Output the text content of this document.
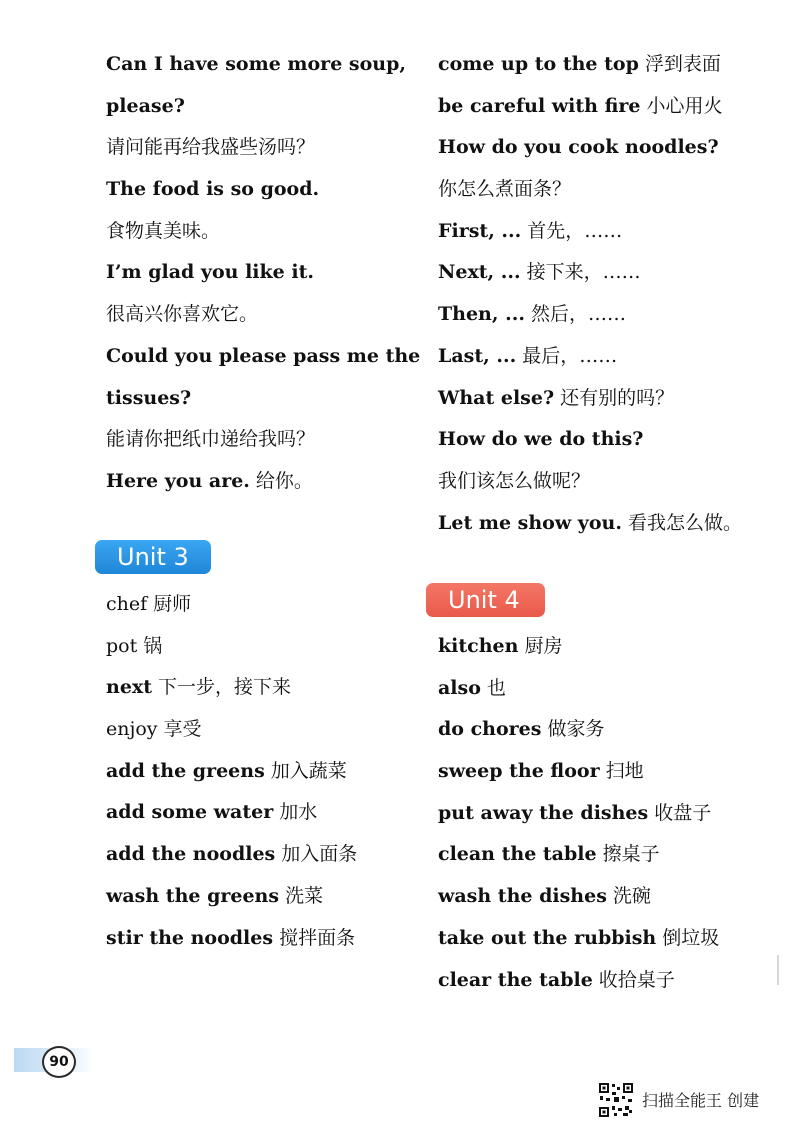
Can I have some more soup,
please?
请问能再给我盛些汤吗？
The food is so good.
食物真美味。
I’m glad you like it.
很高兴你喜欢它。
Could you please pass me the
tissues?
能请你把纸巾递给我吗？
Here you are. 给你。
come up to the top 浮到表面
be careful with fire 小心用火
How do you cook noodles?
你怎么煮面条？
First, ... 首先，……
Next, ... 接下来，……
Then, ... 然后，……
Last, ... 最后，……
What else? 还有别的吗？
How do we do this?
我们该怎么做呢？
Let me show you. 看我怎么做。
Unit 3
chef 厨师
pot 锅
next 下一步，接下来
enjoy 享受
add the greens 加入蔬菜
add some water 加水
add the noodles 加入面条
wash the greens 洗菜
stir the noodles 搅拌面条
Unit 4
kitchen 厨房
also 也
do chores 做家务
sweep the floor 扫地
put away the dishes 收盘子
clean the table 擦桌子
wash the dishes 洗碗
take out the rubbish 倒垃圾
clear the table 收拾桌子
90
扫描全能王 创建
